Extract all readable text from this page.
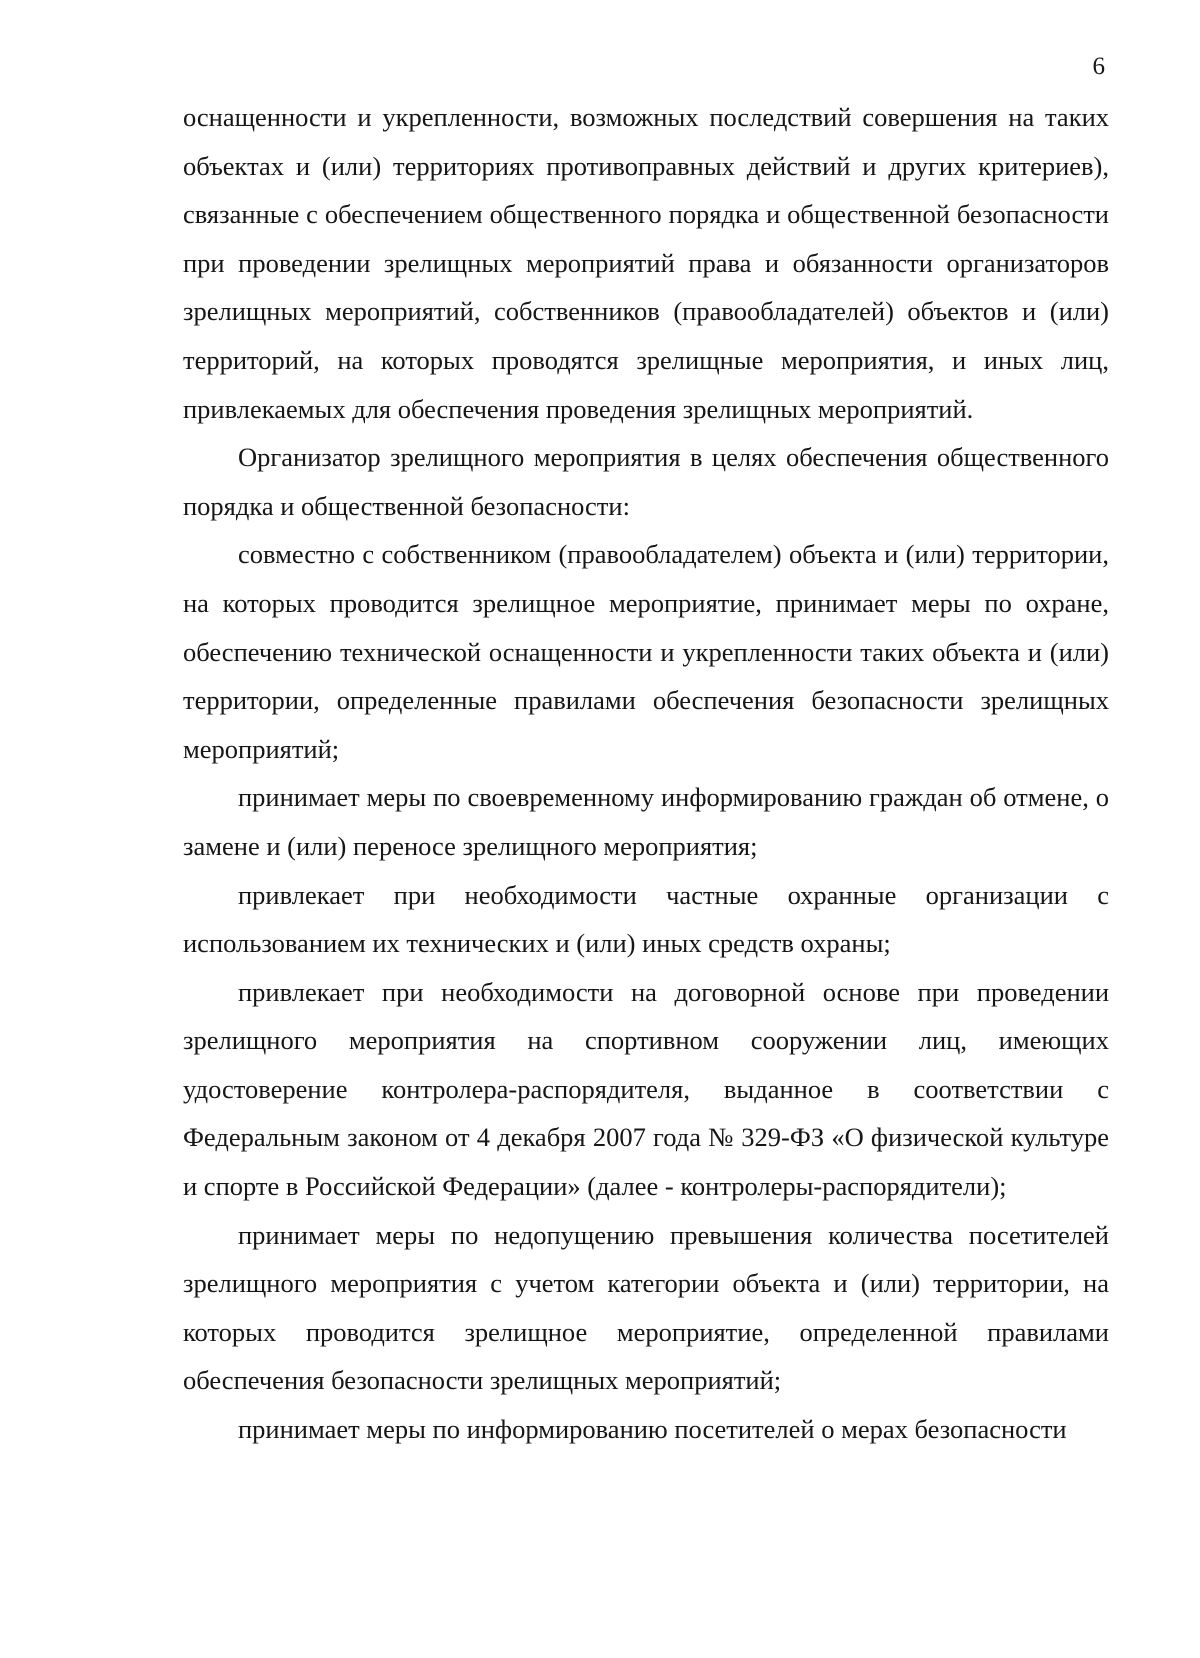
6

оснащенности и укрепленности, возможных последствий совершения на таких объектах и (или) территориях противоправных действий и других критериев), связанные с обеспечением общественного порядка и общественной безопасности при проведении зрелищных мероприятий права и обязанности организаторов зрелищных мероприятий, собственников (правообладателей) объектов и (или) территорий, на которых проводятся зрелищные мероприятия, и иных лиц, привлекаемых для обеспечения проведения зрелищных мероприятий.

Организатор зрелищного мероприятия в целях обеспечения общественного порядка и общественной безопасности:

совместно с собственником (правообладателем) объекта и (или) территории, на которых проводится зрелищное мероприятие, принимает меры по охране, обеспечению технической оснащенности и укрепленности таких объекта и (или) территории, определенные правилами обеспечения безопасности зрелищных мероприятий;

принимает меры по своевременному информированию граждан об отмене, о замене и (или) переносе зрелищного мероприятия;

привлекает при необходимости частные охранные организации с использованием их технических и (или) иных средств охраны;

привлекает при необходимости на договорной основе при проведении зрелищного мероприятия на спортивном сооружении лиц, имеющих удостоверение контролера-распорядителя, выданное в соответствии с Федеральным законом от 4 декабря 2007 года № 329-ФЗ «О физической культуре и спорте в Российской Федерации» (далее - контролеры-распорядители);

принимает меры по недопущению превышения количества посетителей зрелищного мероприятия с учетом категории объекта и (или) территории, на которых проводится зрелищное мероприятие, определенной правилами обеспечения безопасности зрелищных мероприятий;

принимает меры по информированию посетителей о мерах безопасности
